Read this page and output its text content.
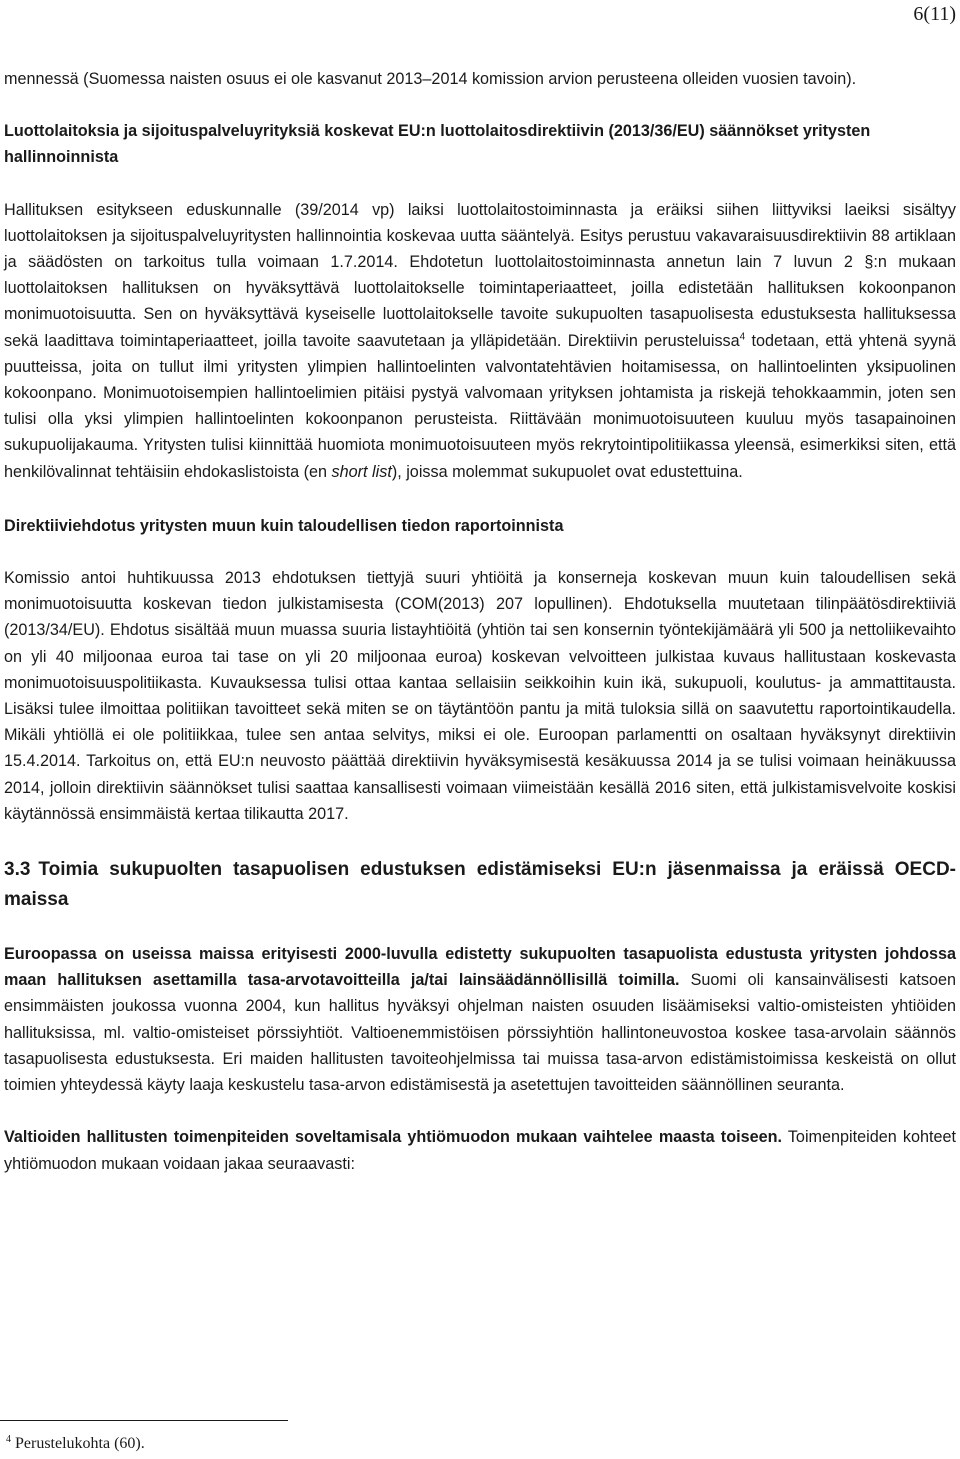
6(11)

mennessä (Suomessa naisten osuus ei ole kasvanut 2013–2014 komission arvion perusteena olleiden vuosien tavoin).

Luottolaitoksia ja sijoituspalveluyrityksiä koskevat EU:n luottolaitosdirektiivin (2013/36/EU) säännökset yritysten hallinnoinnista

Hallituksen esitykseen eduskunnalle (39/2014 vp) laiksi luottolaitostoiminnasta ja eräiksi siihen liittyviksi laeiksi sisältyy luottolaitoksen ja sijoituspalveluyritysten hallinnointia koskevaa uutta sääntelyä. Esitys perustuu vakavaraisuusdirektiivin 88 artiklaan ja säädösten on tarkoitus tulla voimaan 1.7.2014. Ehdotetun luottolaitostoiminnasta annetun lain 7 luvun 2 §:n mukaan luottolaitoksen hallituksen on hyväksyttävä luottolaitokselle toimintaperiaatteet, joilla edistetään hallituksen kokoonpanon monimuotoisuutta. Sen on hyväksyttävä kyseiselle luottolaitokselle tavoite sukupuolten tasapuolisesta edustuksesta hallituksessa sekä laadittava toimintaperiaatteet, joilla tavoite saavutetaan ja ylläpidetään. Direktiivin perusteluissa$^4$ todetaan, että yhtenä syynä puutteissa, joita on tullut ilmi yritysten ylimpien hallintoelinten valvontatehtävien hoitamisessa, on hallintoelinten yksipuolinen kokoonpano. Monimuotoisempien hallintoelimien pitäisi pystyä valvomaan yrityksen johtamista ja riskejä tehokkaammin, joten sen tulisi olla yksi ylimpien hallintoelinten kokoonpanon perusteista. Riittävään monimuotoisuuteen kuuluu myös tasapainoinen sukupuolijakauma. Yritysten tulisi kiinnittää huomiota monimuotoisuuteen myös rekrytointipolitiikassa yleensä, esimerkiksi siten, että henkilövalinnat tehtäisiin ehdokaslistoista (en short list), joissa molemmat sukupuolet ovat edustettuina.

Direktiiviehdotus yritysten muun kuin taloudellisen tiedon raportoinnista

Komissio antoi huhtikuussa 2013 ehdotuksen tiettyjä suuri yhtiöitä ja konserneja koskevan muun kuin taloudellisen sekä monimuotoisuutta koskevan tiedon julkistamisesta (COM(2013) 207 lopullinen). Ehdotuksella muutetaan tilinpäätösdirektiiviä (2013/34/EU). Ehdotus sisältää muun muassa suuria listayhtiöitä (yhtiön tai sen konsernin työntekijämäärä yli 500 ja nettoliikevaihto on yli 40 miljoonaa euroa tai tase on yli 20 miljoonaa euroa) koskevan velvoitteen julkistaa kuvaus hallitustaan koskevasta monimuotoisuuspolitiikasta. Kuvauksessa tulisi ottaa kantaa sellaisiin seikkoihin kuin ikä, sukupuoli, koulutus- ja ammattitausta. Lisäksi tulee ilmoittaa politiikan tavoitteet sekä miten se on täytäntöön pantu ja mitä tuloksia sillä on saavutettu raportointikaudella. Mikäli yhtiöllä ei ole politiikkaa, tulee sen antaa selvitys, miksi ei ole. Euroopan parlamentti on osaltaan hyväksynyt direktiivin 15.4.2014. Tarkoitus on, että EU:n neuvosto päättää direktiivin hyväksymisestä kesäkuussa 2014 ja se tulisi voimaan heinäkuussa 2014, jolloin direktiivin säännökset tulisi saattaa kansallisesti voimaan viimeistään kesällä 2016 siten, että julkistamisvelvoite koskisi käytännössä ensimmäistä kertaa tilikautta 2017.

3.3 Toimia sukupuolten tasapuolisen edustuksen edistämiseksi EU:n jäsenmaissa ja eräissä OECD-maissa

Euroopassa on useissa maissa erityisesti 2000-luvulla edistetty sukupuolten tasapuolista edustusta yritysten johdossa maan hallituksen asettamilla tasa-arvotavoitteilla ja/tai lainsäädännöllisillä toimilla. Suomi oli kansainvälisesti katsoen ensimmäisten joukossa vuonna 2004, kun hallitus hyväksyi ohjelman naisten osuuden lisäämiseksi valtio-omisteisten yhtiöiden hallituksissa, ml. valtio-omisteiset pörssiyhtiöt. Valtioenemmistöisen pörssiyhtiön hallintoneuvostoa koskee tasa-arvolain säännös tasapuolisesta edustuksesta. Eri maiden hallitusten tavoiteohjelmissa tai muissa tasa-arvon edistämistoimissa keskeistä on ollut toimien yhteydessä käyty laaja keskustelu tasa-arvon edistämisestä ja asetettujen tavoitteiden säännöllinen seuranta.

Valtioiden hallitusten toimenpiteiden soveltamisala yhtiömuodon mukaan vaihtelee maasta toiseen. Toimenpiteiden kohteet yhtiömuodon mukaan voidaan jakaa seuraavasti:

$^4$ Perustelukohta (60).
